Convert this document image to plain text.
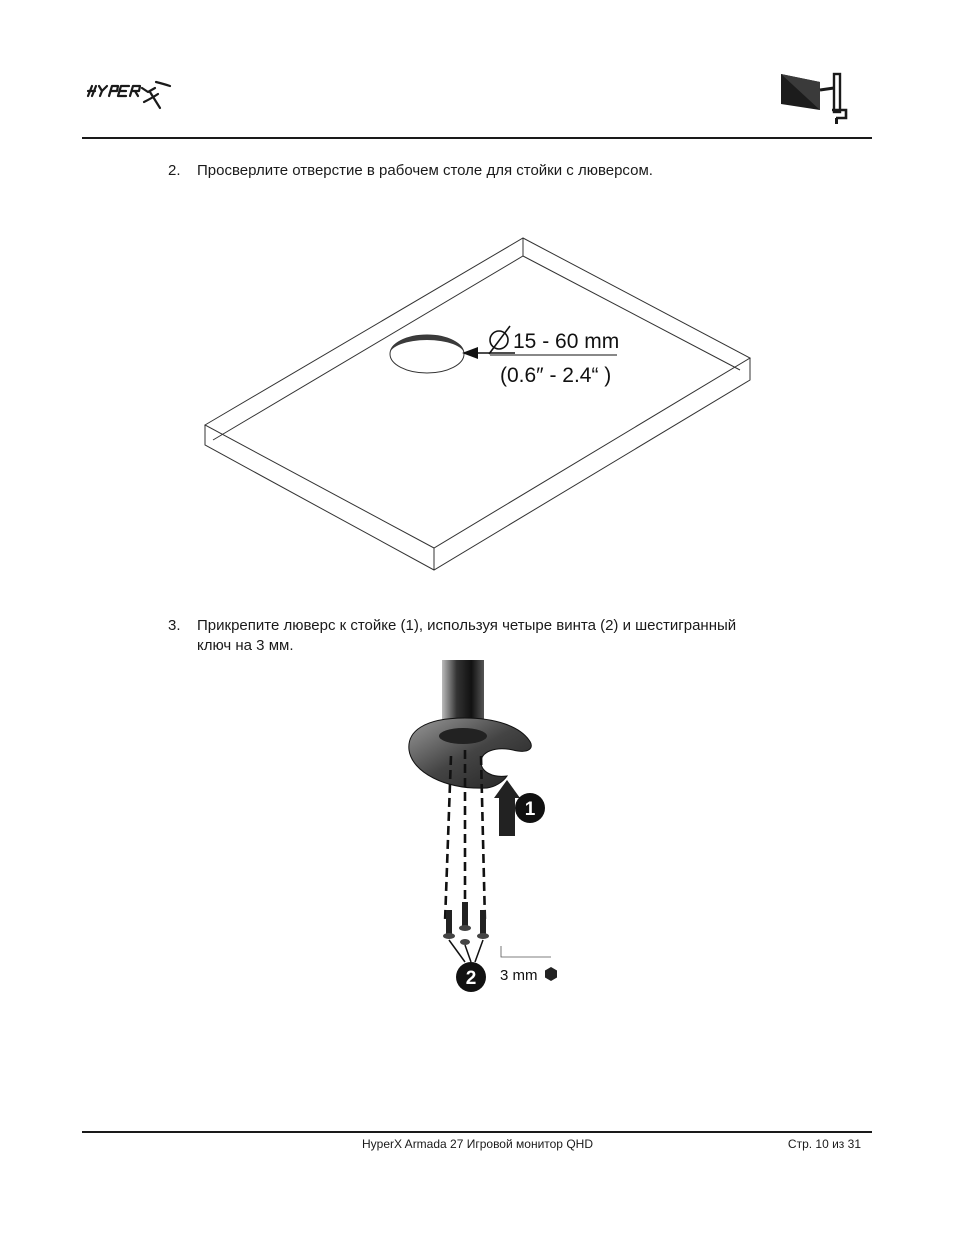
2. Просверлите отверстие в рабочем столе для стойки с люверсом.
15 - 60 mm
(0.6″ - 2.4“ )
3. Прикрепите люверс к стойке (1), используя четыре винта (2) и шестигранный
ключ на 3 мм.
1
2 3 mm
HyperX Armada 27 Игровой монитор QHD	Стр. 10 из 31
